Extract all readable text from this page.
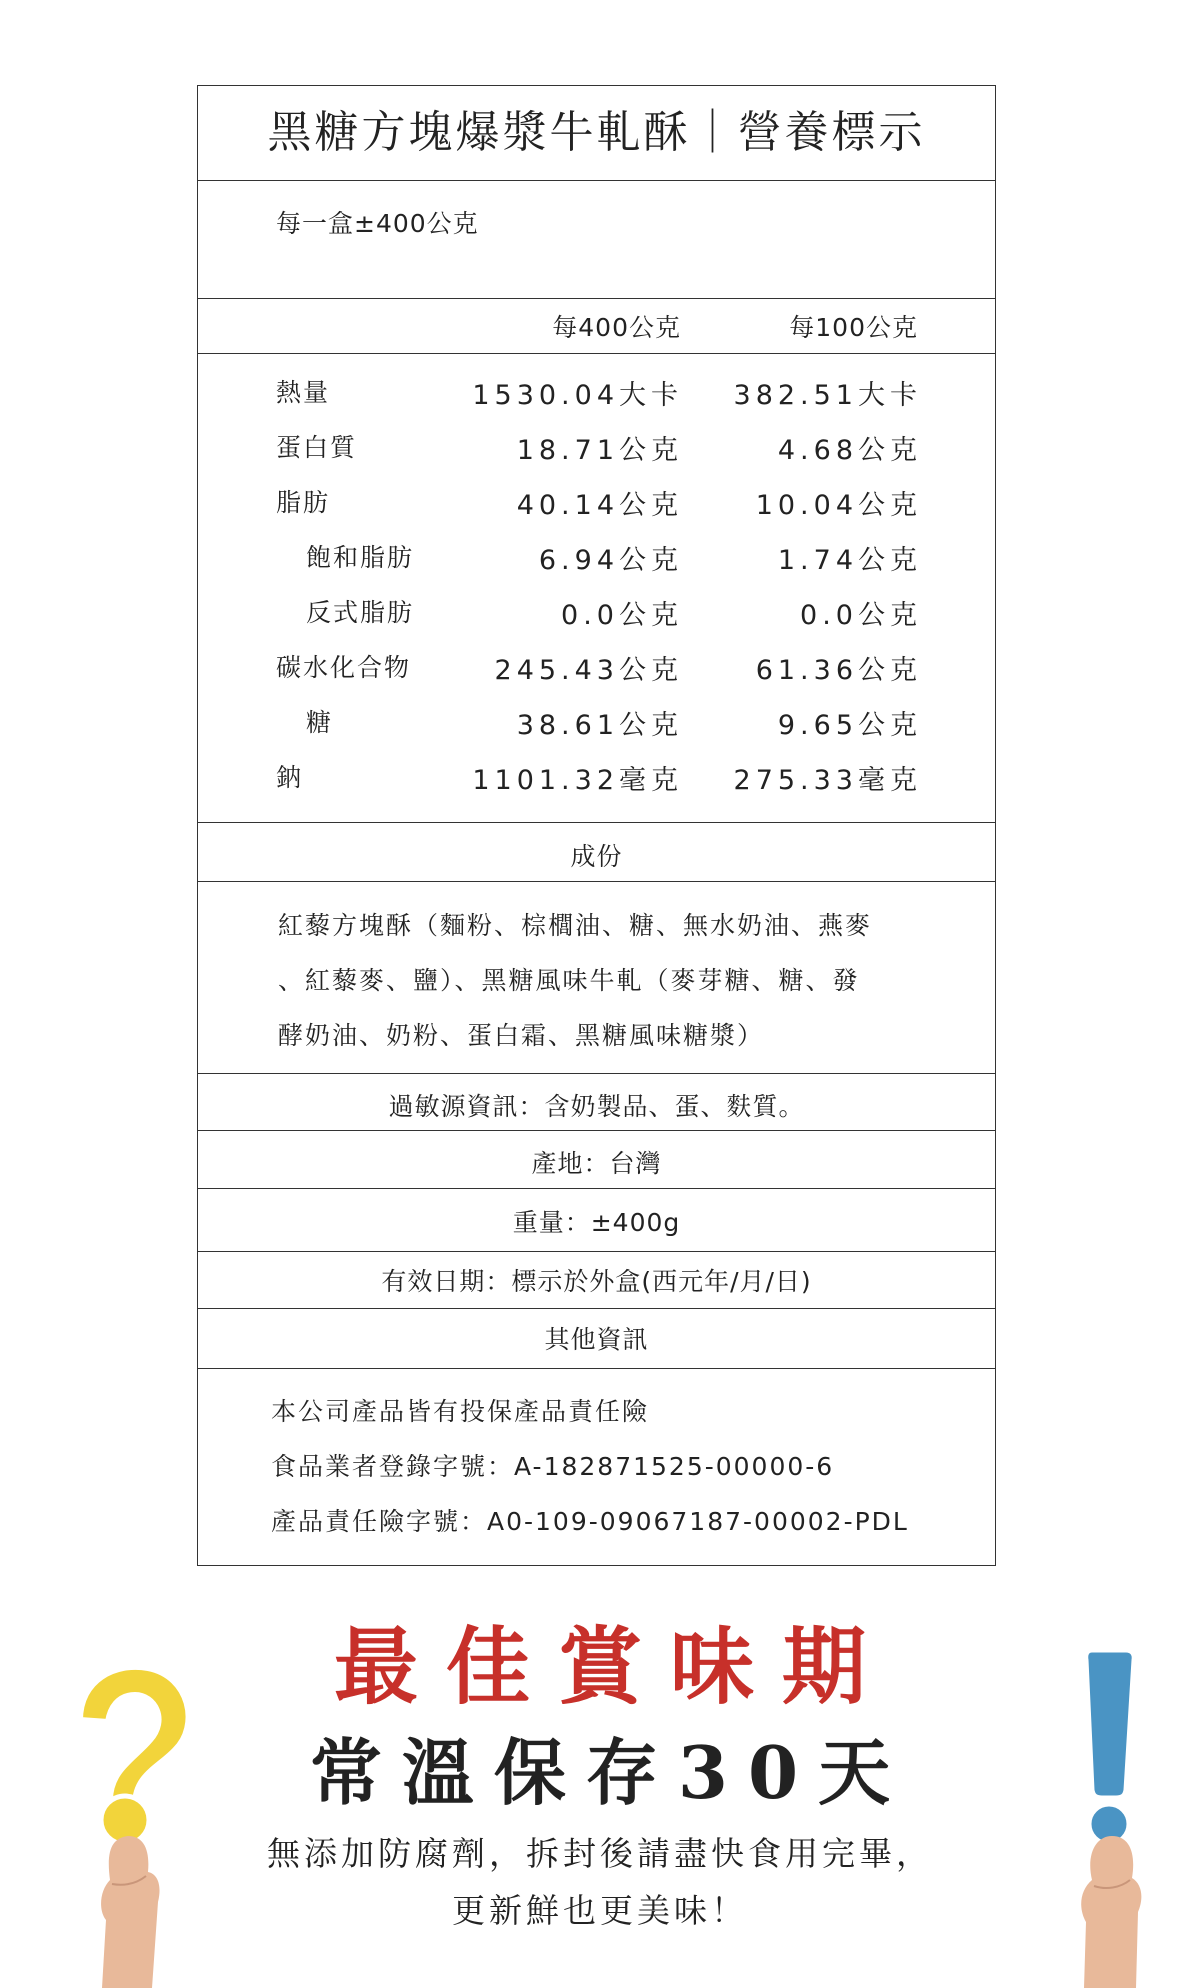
黑糖方塊爆漿牛軋酥｜營養標示
每一盒±400公克
每400公克	每100公克
熱量	1530.04大卡	382.51大卡
蛋白質	18.71公克	4.68公克
脂肪	40.14公克	10.04公克
飽和脂肪	6.94公克	1.74公克
反式脂肪	0.0公克	0.0公克
碳水化合物	245.43公克	61.36公克
糖	38.61公克	9.65公克
鈉	1101.32毫克	275.33毫克
成份
紅藜方塊酥（麵粉、棕櫚油、糖、無水奶油、燕麥
、紅藜麥、鹽）、黑糖風味牛軋（麥芽糖、糖、發
酵奶油、奶粉、蛋白霜、黑糖風味糖漿）
過敏源資訊：含奶製品、蛋、麩質。
產地：台灣
重量：±400g
有效日期：標示於外盒(西元年/月/日)
其他資訊
本公司產品皆有投保產品責任險
食品業者登錄字號：A-182871525-00000-6
產品責任險字號：A0-109-09067187-00002-PDL
最佳賞味期
常溫保存30天
無添加防腐劑，拆封後請盡快食用完畢，
更新鮮也更美味！
